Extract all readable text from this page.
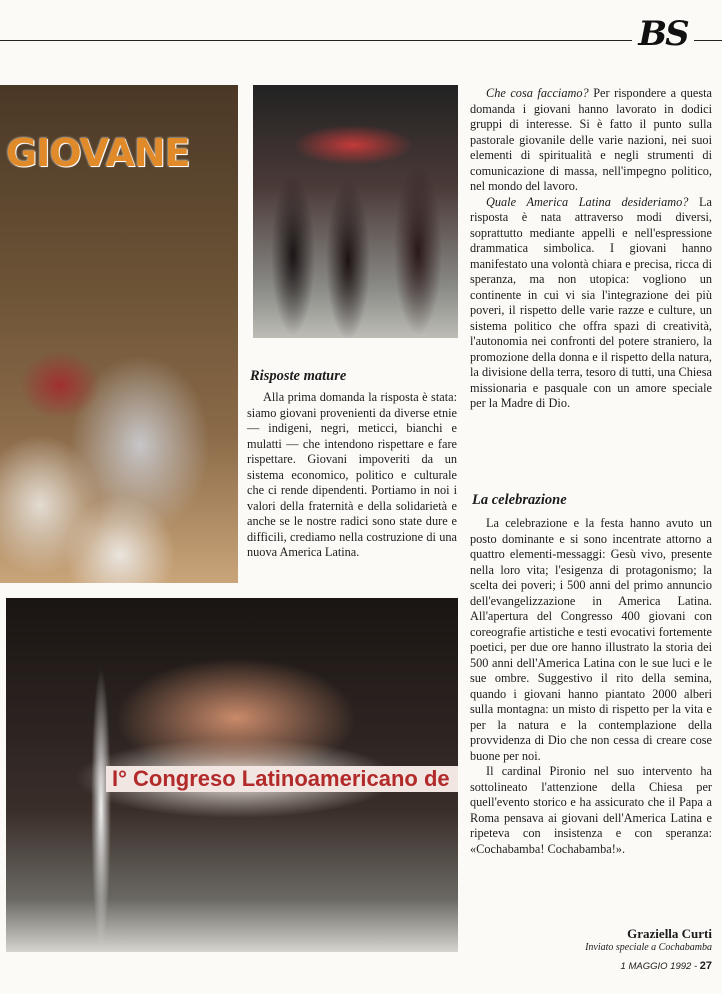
BS
GIOVANE
Risposte mature

Alla prima domanda la risposta è stata: siamo giovani provenienti da diverse etnie — indigeni, negri, meticci, bianchi e mulatti — che intendono rispettare e fare rispettare. Giovani impoveriti da un sistema economico, politico e culturale che ci rende dipendenti. Portiamo in noi i valori della fraternità e della solidarietà e anche se le nostre radici sono state dure e difficili, crediamo nella costruzione di una nuova America Latina.

Che cosa facciamo? Per rispondere a questa domanda i giovani hanno lavorato in dodici gruppi di interesse. Si è fatto il punto sulla pastorale giovanile delle varie nazioni, nei suoi elementi di spiritualità e negli strumenti di comunicazione di massa, nell'impegno politico, nel mondo del lavoro.

Quale America Latina desideriamo? La risposta è nata attraverso modi diversi, soprattutto mediante appelli e nell'espressione drammatica simbolica. I giovani hanno manifestato una volontà chiara e precisa, ricca di speranza, ma non utopica: vogliono un continente in cui vi sia l'integrazione dei più poveri, il rispetto delle varie razze e culture, un sistema politico che offra spazi di creatività, l'autonomia nei confronti del potere straniero, la promozione della donna e il rispetto della natura, la divisione della terra, tesoro di tutti, una Chiesa missionaria e pasquale con un amore speciale per la Madre di Dio.

La celebrazione

La celebrazione e la festa hanno avuto un posto dominante e si sono incentrate attorno a quattro elementi-messaggi: Gesù vivo, presente nella loro vita; l'esigenza di protagonismo; la scelta dei poveri; i 500 anni del primo annuncio dell'evangelizzazione in America Latina. All'apertura del Congresso 400 giovani con coreografie artistiche e testi evocativi fortemente poetici, per due ore hanno illustrato la storia dei 500 anni dell'America Latina con le sue luci e le sue ombre. Suggestivo il rito della semina, quando i giovani hanno piantato 2000 alberi sulla montagna: un misto di rispetto per la vita e per la natura e la contemplazione della provvidenza di Dio che non cessa di creare cose buone per noi.

Il cardinal Pironio nel suo intervento ha sottolineato l'attenzione della Chiesa per quell'evento storico e ha assicurato che il Papa a Roma pensava ai giovani dell'America Latina e ripeteva con insistenza e con speranza: «Cochabamba! Cochabamba!».

I° Congreso Latinoamericano de
Graziella Curti
Inviato speciale a Cochabamba
1 MAGGIO 1992 - 27
